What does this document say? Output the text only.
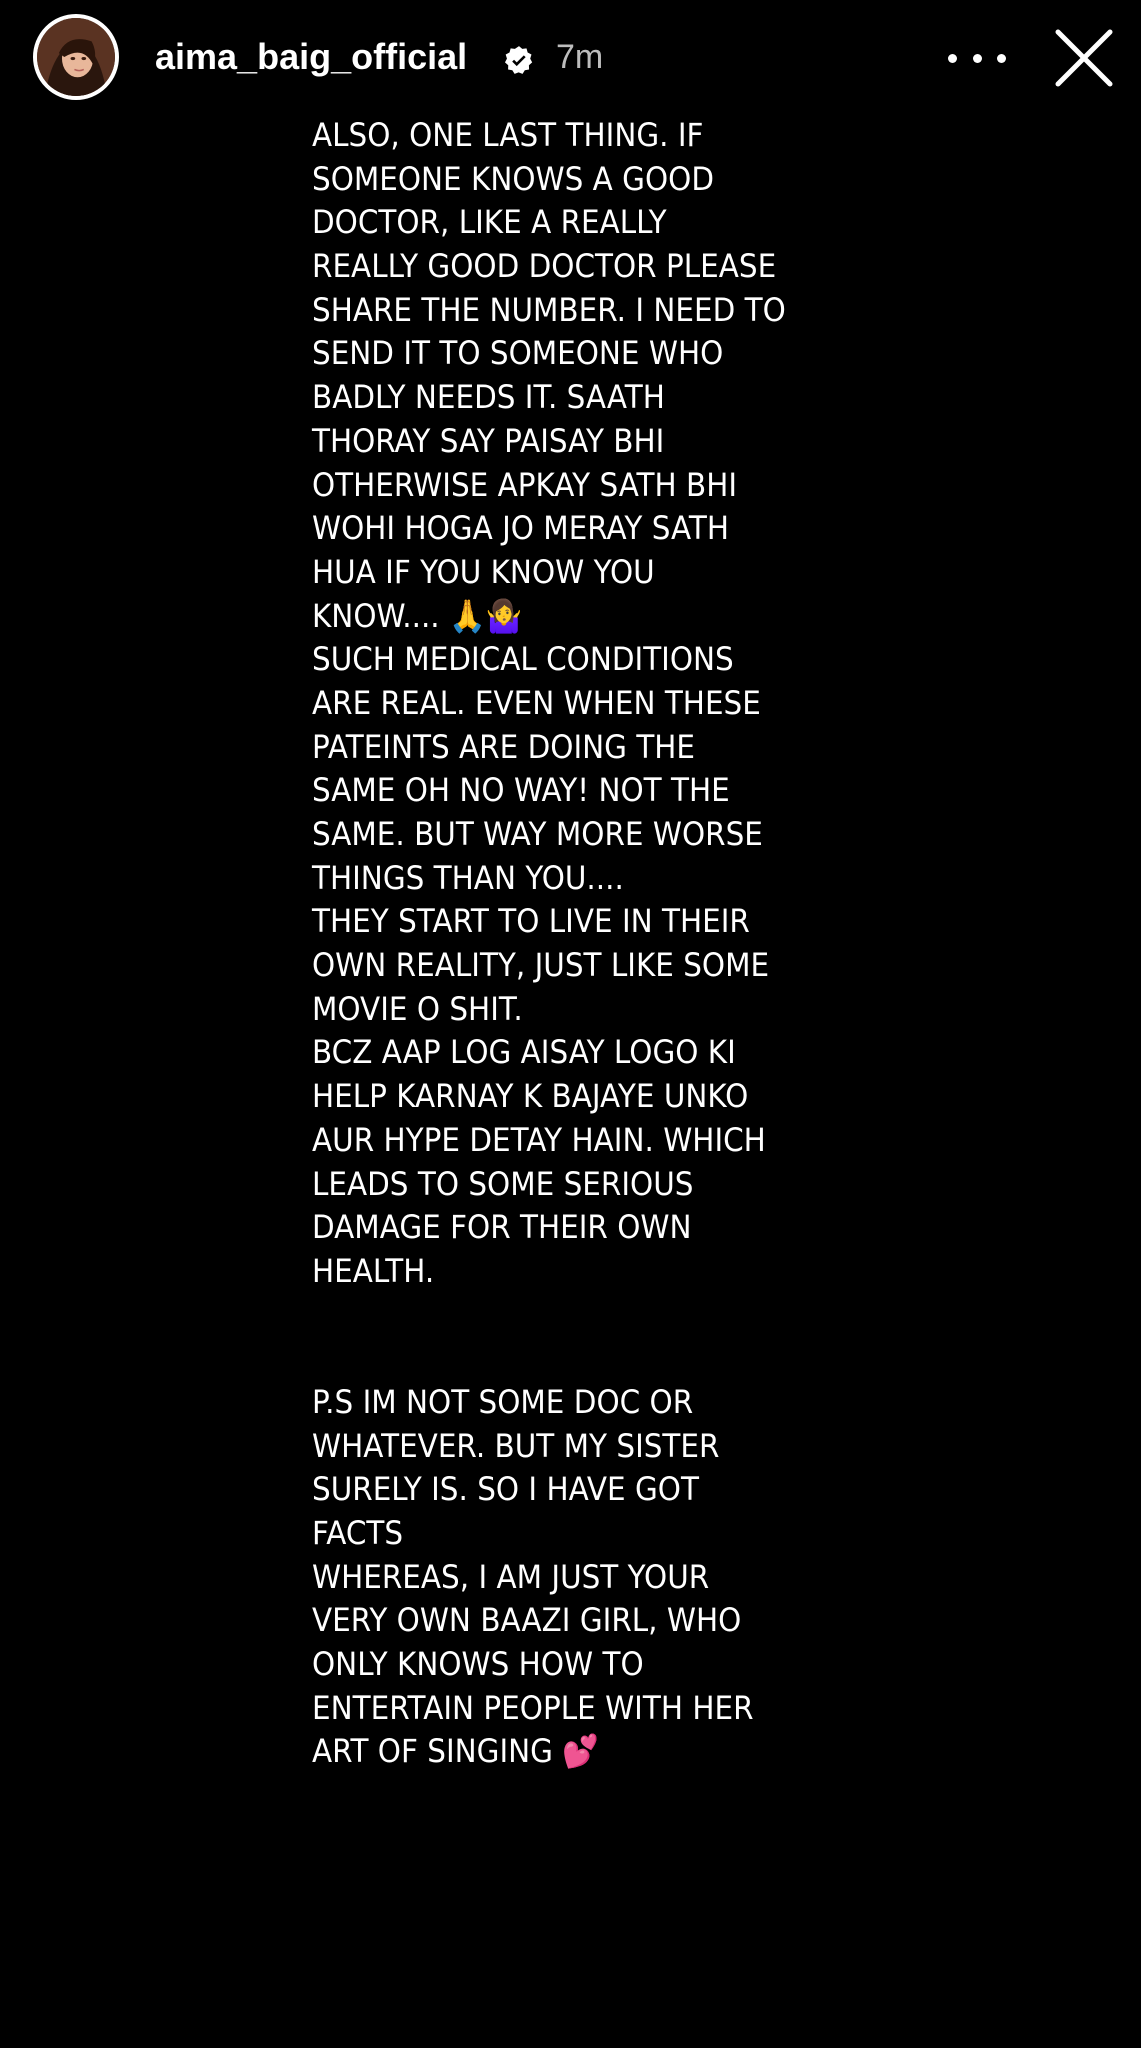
aima_baig_official	7m
ALSO, ONE LAST THING. IF
SOMEONE KNOWS A GOOD
DOCTOR, LIKE A REALLY
REALLY GOOD DOCTOR PLEASE
SHARE THE NUMBER. I NEED TO
SEND IT TO SOMEONE WHO
BADLY NEEDS IT. SAATH
THORAY SAY PAISAY BHI
OTHERWISE APKAY SATH BHI
WOHI HOGA JO MERAY SATH
HUA IF YOU KNOW YOU
KNOW.... 🙏🤷‍♀️
SUCH MEDICAL CONDITIONS
ARE REAL. EVEN WHEN THESE
PATEINTS ARE DOING THE
SAME OH NO WAY! NOT THE
SAME. BUT WAY MORE WORSE
THINGS THAN YOU....
THEY START TO LIVE IN THEIR
OWN REALITY, JUST LIKE SOME
MOVIE O SHIT.
BCZ AAP LOG AISAY LOGO KI
HELP KARNAY K BAJAYE UNKO
AUR HYPE DETAY HAIN. WHICH
LEADS TO SOME SERIOUS
DAMAGE FOR THEIR OWN
HEALTH.
P.S IM NOT SOME DOC OR
WHATEVER. BUT MY SISTER
SURELY IS. SO I HAVE GOT
FACTS
WHEREAS, I AM JUST YOUR
VERY OWN BAAZI GIRL, WHO
ONLY KNOWS HOW TO
ENTERTAIN PEOPLE WITH HER
ART OF SINGING 💕
